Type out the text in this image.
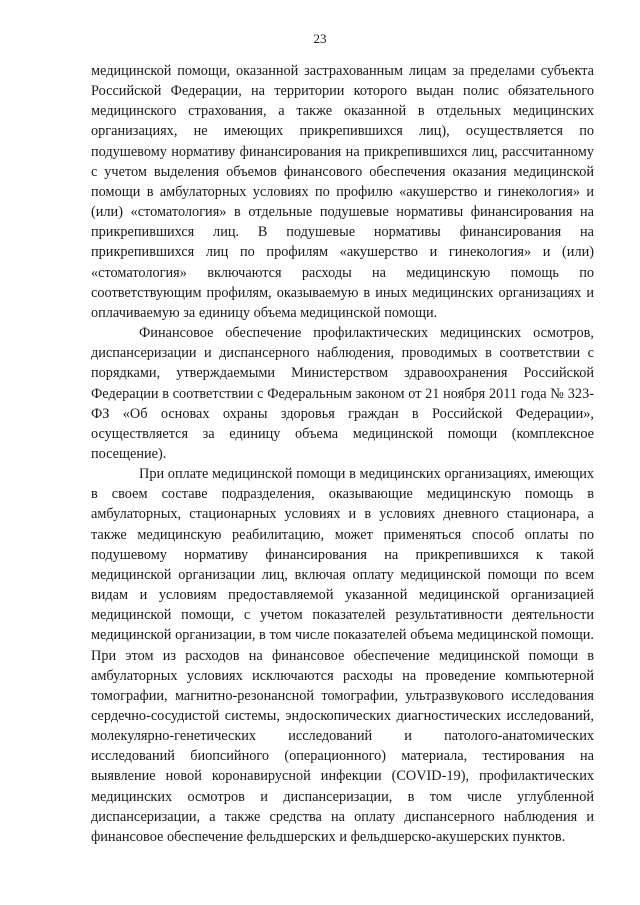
23

медицинской помощи, оказанной застрахованным лицам за пределами субъекта Российской Федерации, на территории которого выдан полис обязательного медицинского страхования, а также оказанной в отдельных медицинских организациях, не имеющих прикрепившихся лиц), осуществляется по подушевому нормативу финансирования на прикрепившихся лиц, рассчитанному с учетом выделения объемов финансового обеспечения оказания медицинской помощи в амбулаторных условиях по профилю «акушерство и гинекология» и (или) «стоматология» в отдельные подушевые нормативы финансирования на прикрепившихся лиц. В подушевые нормативы финансирования на прикрепившихся лиц по профилям «акушерство и гинекология» и (или) «стоматология» включаются расходы на медицинскую помощь по соответствующим профилям, оказываемую в иных медицинских организациях и оплачиваемую за единицу объема медицинской помощи.

Финансовое обеспечение профилактических медицинских осмотров, диспансеризации и диспансерного наблюдения, проводимых в соответствии с порядками, утверждаемыми Министерством здравоохранения Российской Федерации в соответствии с Федеральным законом от 21 ноября 2011 года № 323-ФЗ «Об основах охраны здоровья граждан в Российской Федерации», осуществляется за единицу объема медицинской помощи (комплексное посещение).

При оплате медицинской помощи в медицинских организациях, имеющих в своем составе подразделения, оказывающие медицинскую помощь в амбулаторных, стационарных условиях и в условиях дневного стационара, а также медицинскую реабилитацию, может применяться способ оплаты по подушевому нормативу финансирования на прикрепившихся к такой медицинской организации лиц, включая оплату медицинской помощи по всем видам и условиям предоставляемой указанной медицинской организацией медицинской помощи, с учетом показателей результативности деятельности медицинской организации, в том числе показателей объема медицинской помощи. При этом из расходов на финансовое обеспечение медицинской помощи в амбулаторных условиях исключаются расходы на проведение компьютерной томографии, магнитно-резонансной томографии, ультразвукового исследования сердечно-сосудистой системы, эндоскопических диагностических исследований, молекулярно-генетических исследований и патолого-анатомических исследований биопсийного (операционного) материала, тестирования на выявление новой коронавирусной инфекции (COVID-19), профилактических медицинских осмотров и диспансеризации, в том числе углубленной диспансеризации, а также средства на оплату диспансерного наблюдения и финансовое обеспечение фельдшерских и фельдшерско-акушерских пунктов.
